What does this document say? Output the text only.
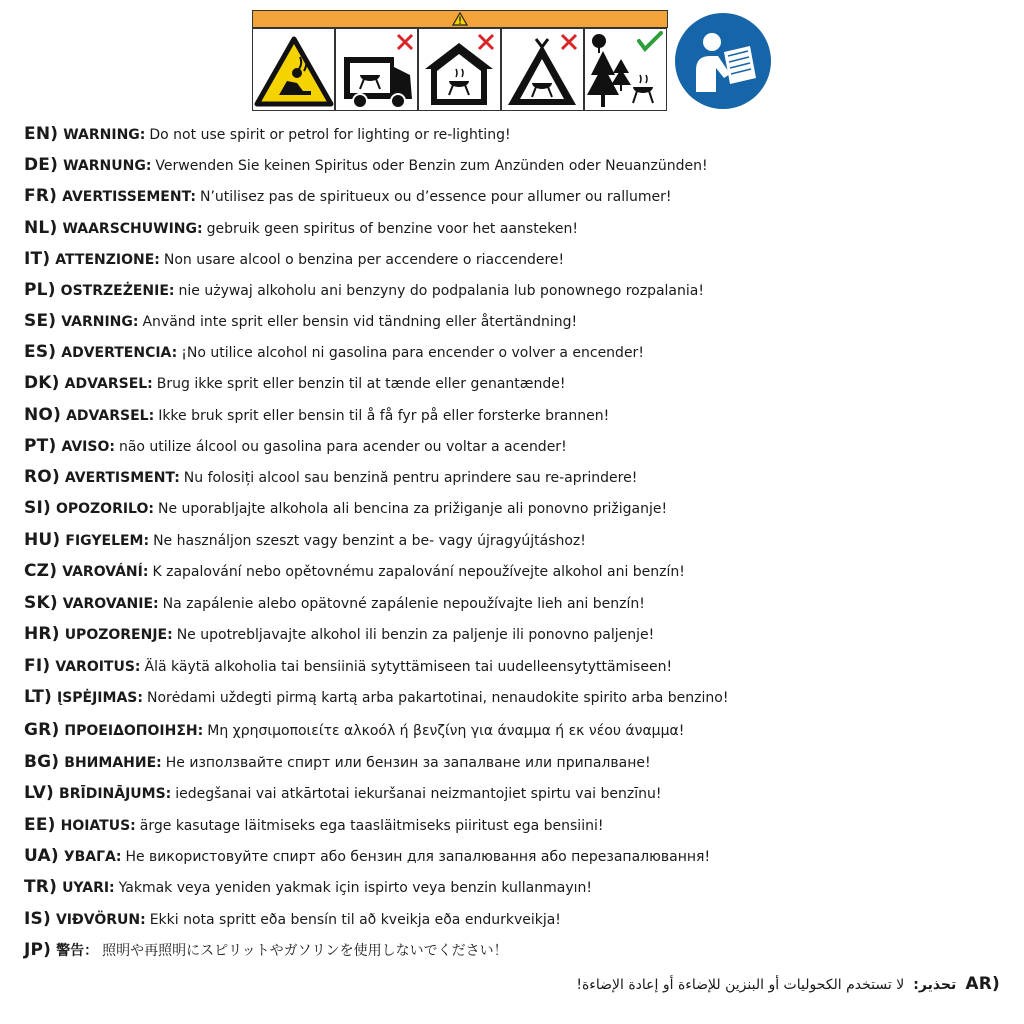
EN) WARNING: Do not use spirit or petrol for lighting or re-lighting!
DE) WARNUNG: Verwenden Sie keinen Spiritus oder Benzin zum Anzünden oder Neuanzünden!
FR) AVERTISSEMENT: N’utilisez pas de spiritueux ou d’essence pour allumer ou rallumer!
NL) WAARSCHUWING: gebruik geen spiritus of benzine voor het aansteken!
IT) ATTENZIONE: Non usare alcool o benzina per accendere o riaccendere!
PL) OSTRZEŻENIE: nie używaj alkoholu ani benzyny do podpalania lub ponownego rozpalania!
SE) VARNING: Använd inte sprit eller bensin vid tändning eller återtändning!
ES) ADVERTENCIA: ¡No utilice alcohol ni gasolina para encender o volver a encender!
DK) ADVARSEL: Brug ikke sprit eller benzin til at tænde eller genantænde!
NO) ADVARSEL: Ikke bruk sprit eller bensin til å få fyr på eller forsterke brannen!
PT) AVISO: não utilize álcool ou gasolina para acender ou voltar a acender!
RO) AVERTISMENT: Nu folosiți alcool sau benzină pentru aprindere sau re-aprindere!
SI) OPOZORILO: Ne uporabljajte alkohola ali bencina za prižiganje ali ponovno prižiganje!
HU) FIGYELEM: Ne használjon szeszt vagy benzint a be- vagy újragyújtáshoz!
CZ) VAROVÁNÍ: K zapalování nebo opětovnému zapalování nepoužívejte alkohol ani benzín!
SK) VAROVANIE: Na zapálenie alebo opätovné zapálenie nepoužívajte lieh ani benzín!
HR) UPOZORENJE: Ne upotrebljavajte alkohol ili benzin za paljenje ili ponovno paljenje!
FI) VAROITUS: Älä käytä alkoholia tai bensiiniä sytyttämiseen tai uudelleensytyttämiseen!
LT) ĮSPĖJIMAS: Norėdami uždegti pirmą kartą arba pakartotinai, nenaudokite spirito arba benzino!
GR) ΠΡΟΕΙΔΟΠΟΙΗΣΗ: Μη χρησιμοποιείτε αλκοόλ ή βενζίνη για άναμμα ή εκ νέου άναμμα!
BG) ВНИМАНИЕ: Не използвайте спирт или бензин за запалване или припалване!
LV) BRĪDINĀJUMS: iedegšanai vai atkārtotai iekuršanai neizmantojiet spirtu vai benzīnu!
EE) HOIATUS: ärge kasutage läitmiseks ega taasläitmiseks piiritust ega bensiini!
UA) УВАГА: Не використовуйте спирт або бензин для запалювання або перезапалювання!
TR) UYARI: Yakmak veya yeniden yakmak için ispirto veya benzin kullanmayın!
IS) VIÐVÖRUN: Ekki nota spritt eða bensín til að kveikja eða endurkveikja!
JP) 警告： 照明や再照明にスピリットやガソリンを使用しないでください！
AR) تحذير: لا تستخدم الكحوليات أو البنزين للإضاءة أو إعادة الإضاءة!
